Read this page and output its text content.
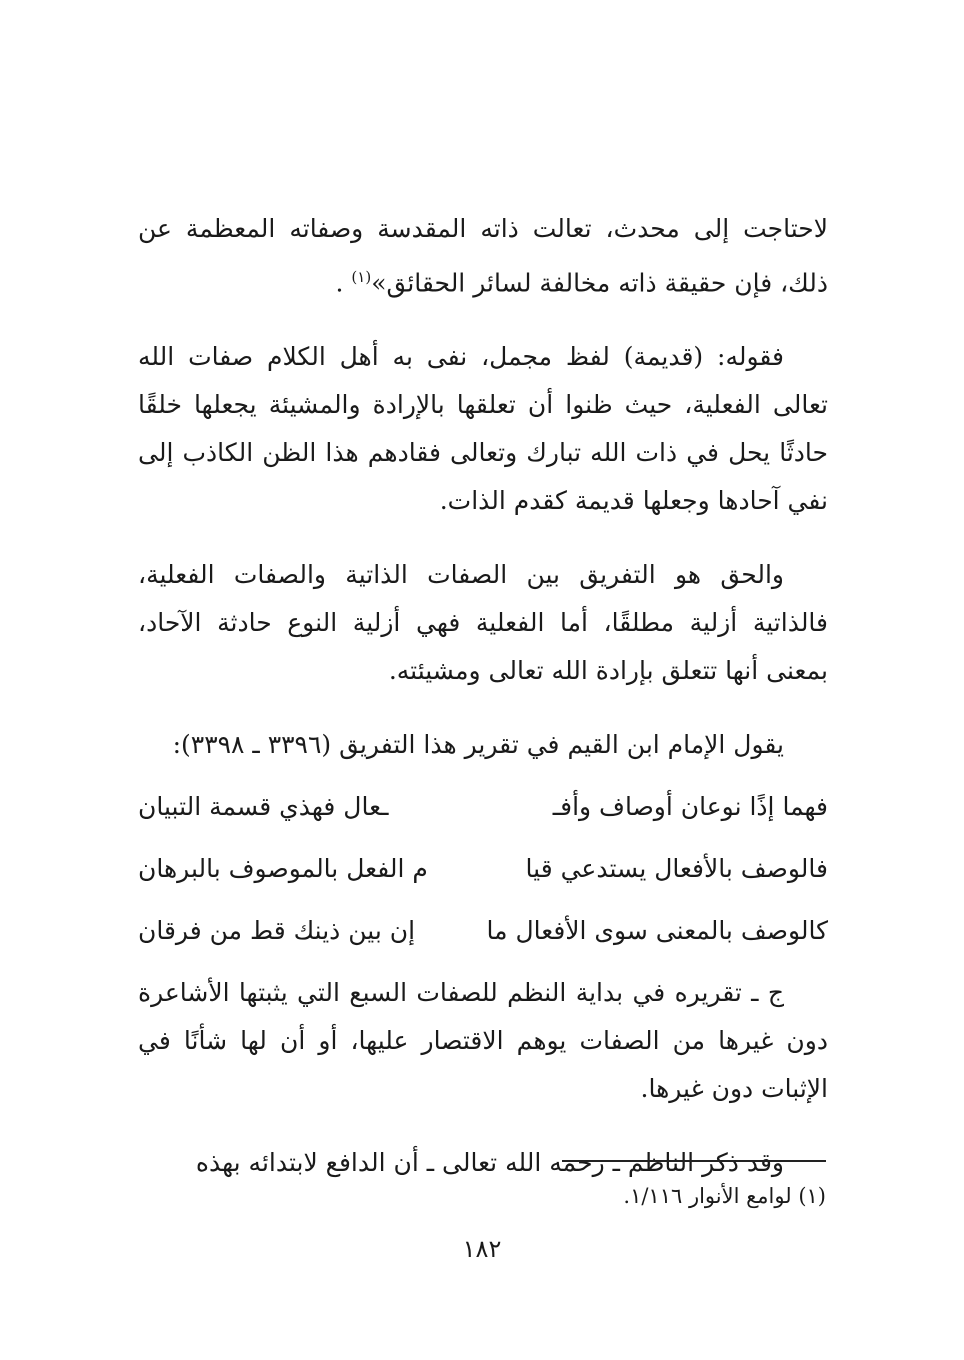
لاحتاجت إلى محدث، تعالت ذاته المقدسة وصفاته المعظمة عن ذلك، فإن حقيقة ذاته مخالفة لسائر الحقائق»$^{(١)}$ .

فقوله: (قديمة) لفظ مجمل، نفى به أهل الكلام صفات الله تعالى الفعلية، حيث ظنوا أن تعلقها بالإرادة والمشيئة يجعلها خلقًا حادثًا يحل في ذات الله تبارك وتعالى فقادهم هذا الظن الكاذب إلى نفي آحادها وجعلها قديمة كقدم الذات.

والحق هو التفريق بين الصفات الذاتية والصفات الفعلية، فالذاتية أزلية مطلقًا، أما الفعلية فهي أزلية النوع حادثة الآحاد، بمعنى أنها تتعلق بإرادة الله تعالى ومشيئته.

يقول الإمام ابن القيم في تقرير هذا التفريق (٣٣٩٦ ـ ٣٣٩٨):

فهما إذًا نوعان أوصاف وأفـ
ـعال فهذي قسمة التبيان
فالوصف بالأفعال يستدعي قيا
م الفعل بالموصوف بالبرهان
كالوصف بالمعنى سوى الأفعال ما
إن بين ذينك قط من فرقان

ج ـ تقريره في بداية النظم للصفات السبع التي يثبتها الأشاعرة دون غيرها من الصفات يوهم الاقتصار عليها، أو أن لها شأنًا في الإثبات دون غيرها.

وقد ذكر الناظم ـ رحمه الله تعالى ـ أن الدافع لابتدائه بهذه

(١) لوامع الأنوار ١/١١٦.
١٨٢
